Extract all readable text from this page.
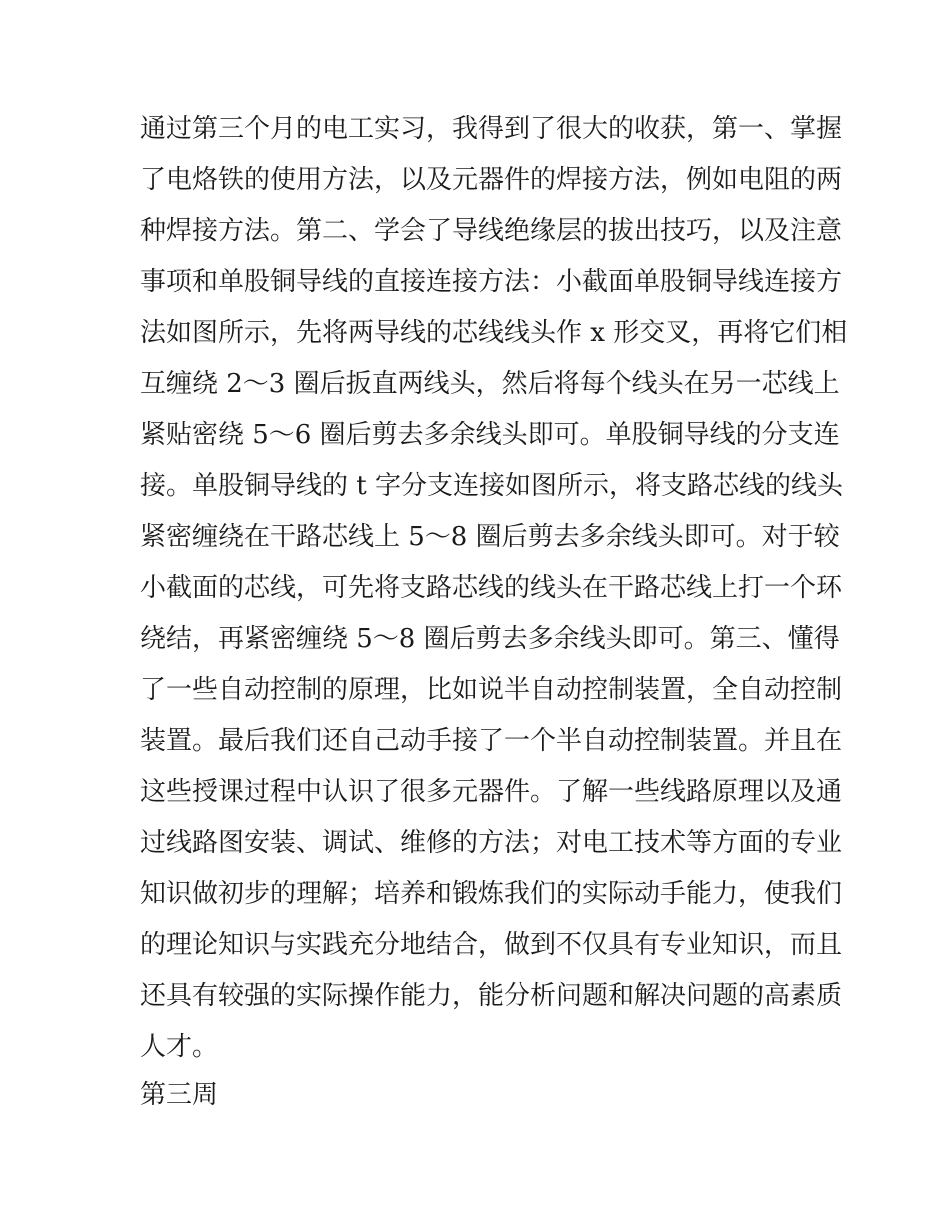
通过第三个月的电工实习，我得到了很大的收获，第一、掌握
了电烙铁的使用方法，以及元器件的焊接方法，例如电阻的两
种焊接方法。第二、学会了导线绝缘层的拔出技巧，以及注意
事项和单股铜导线的直接连接方法：小截面单股铜导线连接方
法如图所示，先将两导线的芯线线头作 x 形交叉，再将它们相
互缠绕 2～3 圈后扳直两线头，然后将每个线头在另一芯线上
紧贴密绕 5～6 圈后剪去多余线头即可。单股铜导线的分支连
接。单股铜导线的 t 字分支连接如图所示，将支路芯线的线头
紧密缠绕在干路芯线上 5～8 圈后剪去多余线头即可。对于较
小截面的芯线，可先将支路芯线的线头在干路芯线上打一个环
绕结，再紧密缠绕 5～8 圈后剪去多余线头即可。第三、懂得
了一些自动控制的原理，比如说半自动控制装置，全自动控制
装置。最后我们还自己动手接了一个半自动控制装置。并且在
这些授课过程中认识了很多元器件。了解一些线路原理以及通
过线路图安装、调试、维修的方法；对电工技术等方面的专业
知识做初步的理解；培养和锻炼我们的实际动手能力，使我们
的理论知识与实践充分地结合，做到不仅具有专业知识，而且
还具有较强的实际操作能力，能分析问题和解决问题的高素质
人才。

第三周
